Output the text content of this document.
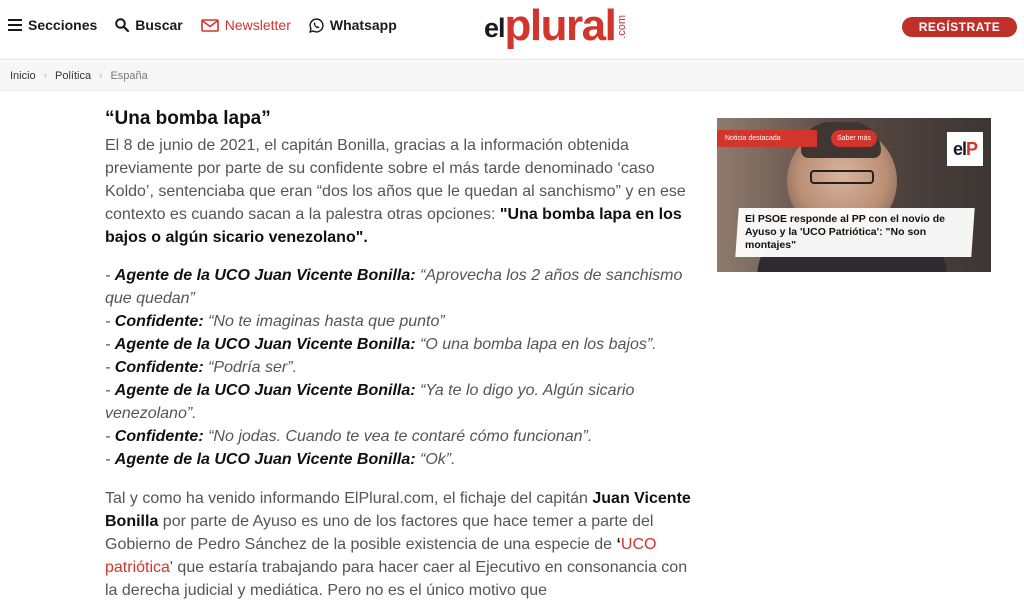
Secciones	Buscar	Newsletter	Whatsapp	el plural .com	REGÍSTRATE
Inicio › Política › España
“Una bomba lapa”

El 8 de junio de 2021, el capitán Bonilla, gracias a la información obtenida previamente por parte de su confidente sobre el más tarde denominado ‘caso Koldo’, sentenciaba que eran “dos los años que le quedan al sanchismo” y en ese contexto es cuando sacan a la palestra otras opciones: "Una bomba lapa en los bajos o algún sicario venezolano".

- Agente de la UCO Juan Vicente Bonilla: “Aprovecha los 2 años de sanchismo que quedan”
- Confidente: “No te imaginas hasta que punto”
- Agente de la UCO Juan Vicente Bonilla: “O una bomba lapa en los bajos”.
- Confidente: “Podría ser”.
- Agente de la UCO Juan Vicente Bonilla: “Ya te lo digo yo. Algún sicario venezolano”.
- Confidente: “No jodas. Cuando te vea te contaré cómo funcionan”.
- Agente de la UCO Juan Vicente Bonilla: “Ok”.

Tal y como ha venido informando ElPlural.com, el fichaje del capitán Juan Vicente Bonilla por parte de Ayuso es uno de los factores que hace temer a parte del Gobierno de Pedro Sánchez de la posible existencia de una especie de ‘UCO patriótica' que estaría trabajando para hacer caer al Ejecutivo en consonancia con la derecha judicial y mediática. Pero no es el único motivo que

Noticia destacada	Saber más	el P
El PSOE responde al PP con el novio de Ayuso y la 'UCO Patriótica': "No son montajes"
